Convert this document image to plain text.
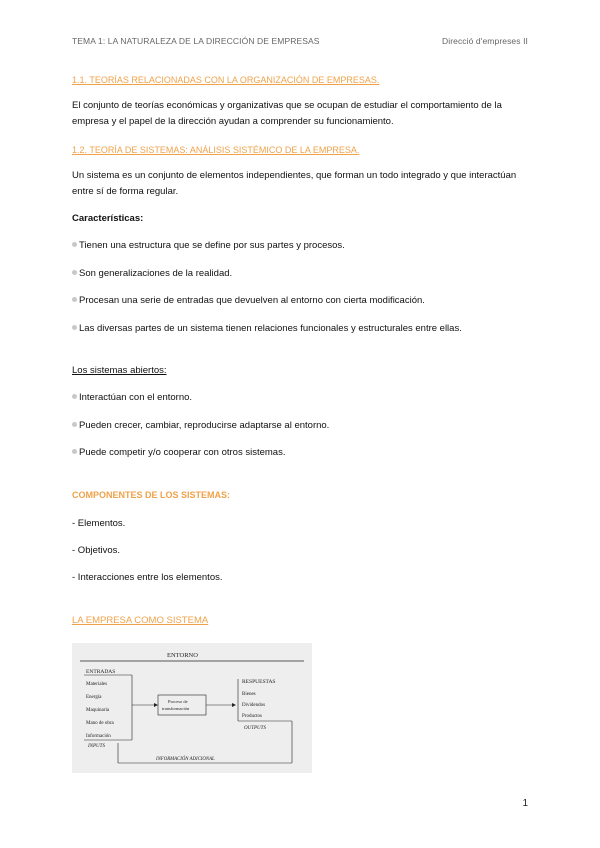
TEMA 1: LA NATURALEZA DE LA DIRECCIÓN DE EMPRESAS	Direcció d'empreses II
1.1. TEORÍAS RELACIONADAS CON LA ORGANIZACIÓN DE EMPRESAS.
El conjunto de teorías económicas y organizativas que se ocupan de estudiar el comportamiento de la empresa y el papel de la dirección ayudan a comprender su funcionamiento.
1.2. TEORÍA DE SISTEMAS: ANÁLISIS SISTÉMICO DE LA EMPRESA.
Un sistema es un conjunto de elementos independientes, que forman un todo integrado y que interactúan entre sí de forma regular.
Características:
Tienen una estructura que se define por sus partes y procesos.
Son generalizaciones de la realidad.
Procesan una serie de entradas que devuelven al entorno con cierta modificación.
Las diversas partes de un sistema tienen relaciones funcionales y estructurales entre ellas.
Los sistemas abiertos:
Interactúan con el entorno.
Pueden crecer, cambiar, reproducirse adaptarse al entorno.
Puede competir y/o cooperar con otros sistemas.
COMPONENTES DE LOS SISTEMAS:
- Elementos.
- Objetivos.
- Interacciones entre los elementos.
LA EMPRESA COMO SISTEMA
ENTORNO
ENTRADAS
Materiales
Energía
Maquinaria
Mano de obra
Información
INPUTS
Proceso de
transformación
RESPUESTAS
Bienes
Dividendos
Productos
OUTPUTS
INFORMACIÓN ADICIONAL
1
